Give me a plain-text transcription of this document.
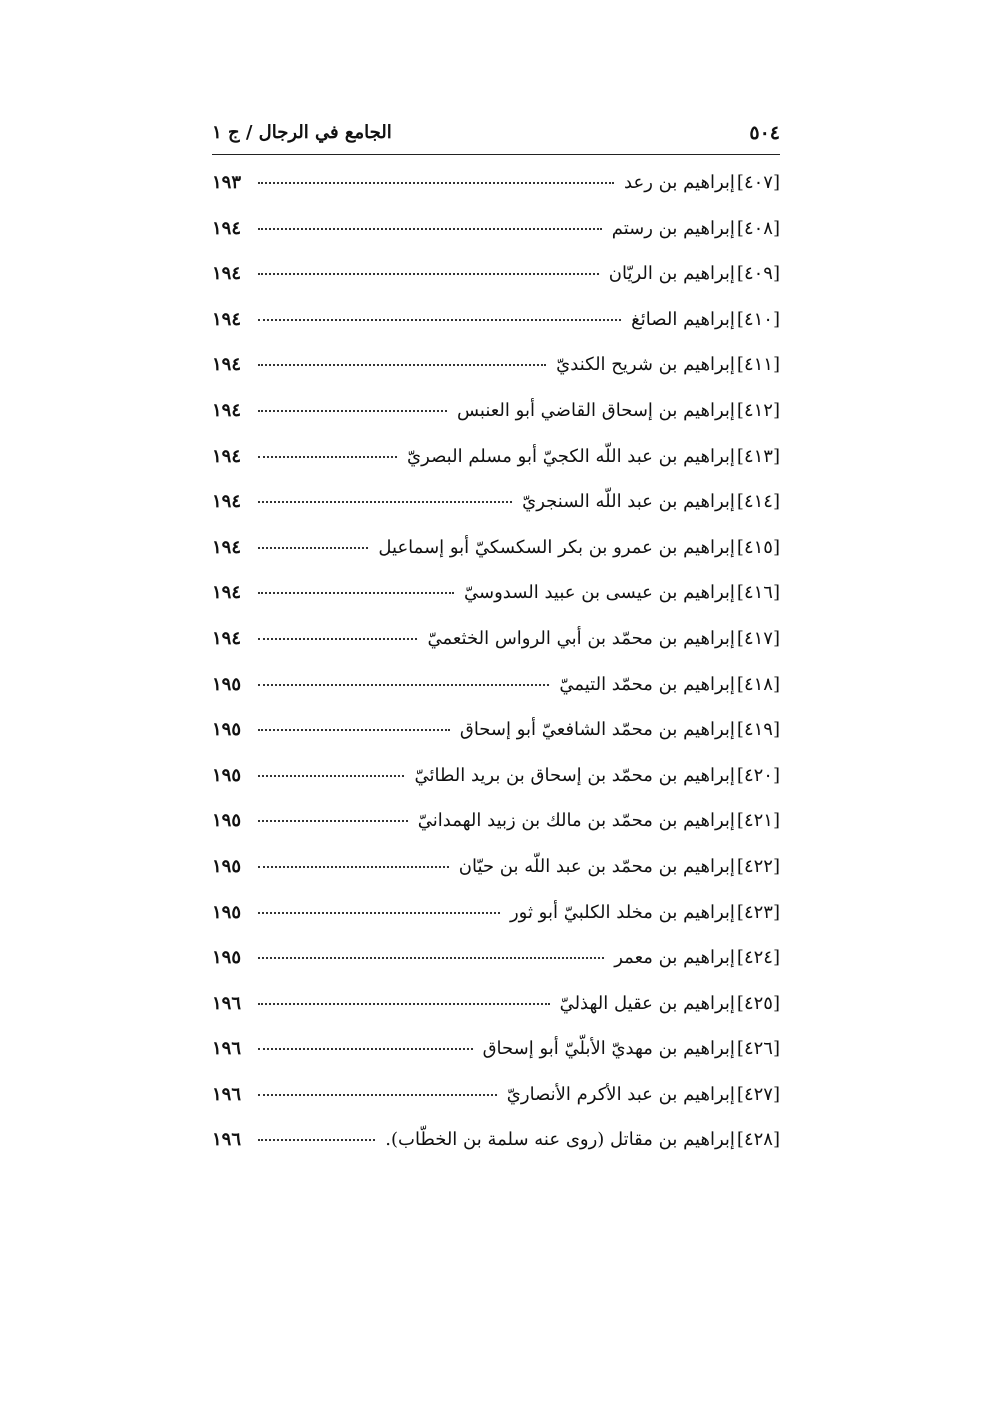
٥٠٤
الجامع في الرجال / ج ١
[٤٠٧]
إبراهيم بن رعد
١٩٣
[٤٠٨]
إبراهيم بن رستم
١٩٤
[٤٠٩]
إبراهيم بن الريّان
١٩٤
[٤١٠]
إبراهيم الصائغ
١٩٤
[٤١١]
إبراهيم بن شريح الكنديّ
١٩٤
[٤١٢]
إبراهيم بن إسحاق القاضي أبو العنبس
١٩٤
[٤١٣]
إبراهيم بن عبد اللّه الكجيّ أبو مسلم البصريّ
١٩٤
[٤١٤]
إبراهيم بن عبد اللّه السنجريّ
١٩٤
[٤١٥]
إبراهيم بن عمرو بن بكر السكسكيّ أبو إسماعيل
١٩٤
[٤١٦]
إبراهيم بن عيسى بن عبيد السدوسيّ
١٩٤
[٤١٧]
إبراهيم بن محمّد بن أبي الرواس الخثعميّ
١٩٤
[٤١٨]
إبراهيم بن محمّد التيميّ
١٩٥
[٤١٩]
إبراهيم بن محمّد الشافعيّ أبو إسحاق
١٩٥
[٤٢٠]
إبراهيم بن محمّد بن إسحاق بن بريد الطائيّ
١٩٥
[٤٢١]
إبراهيم بن محمّد بن مالك بن زبيد الهمدانيّ
١٩٥
[٤٢٢]
إبراهيم بن محمّد بن عبد اللّه بن حيّان
١٩٥
[٤٢٣]
إبراهيم بن مخلد الكلبيّ أبو ثور
١٩٥
[٤٢٤]
إبراهيم بن معمر
١٩٥
[٤٢٥]
إبراهيم بن عقيل الهذليّ
١٩٦
[٤٢٦]
إبراهيم بن مهديّ الأبلّيّ أبو إسحاق
١٩٦
[٤٢٧]
إبراهيم بن عبد الأكرم الأنصاريّ
١٩٦
[٤٢٨]
إبراهيم بن مقاتل (روى عنه سلمة بن الخطّاب).
١٩٦
